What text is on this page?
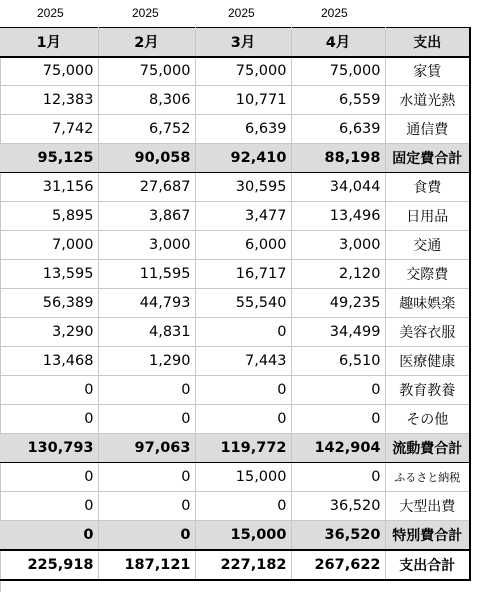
2025	2025	2025	2025
1月	2月	3月	4月	支出
75,000	75,000	75,000	75,000	家賃
12,383	8,306	10,771	6,559	水道光熱
7,742	6,752	6,639	6,639	通信費
95,125	90,058	92,410	88,198	固定費合計
31,156	27,687	30,595	34,044	食費
5,895	3,867	3,477	13,496	日用品
7,000	3,000	6,000	3,000	交通
13,595	11,595	16,717	2,120	交際費
56,389	44,793	55,540	49,235	趣味娯楽
3,290	4,831	0	34,499	美容衣服
13,468	1,290	7,443	6,510	医療健康
0	0	0	0	教育教養
0	0	0	0	その他
130,793	97,063	119,772	142,904	流動費合計
0	0	15,000	0	ふるさと納税
0	0	0	36,520	大型出費
0	0	15,000	36,520	特別費合計
225,918	187,121	227,182	267,622	支出合計
